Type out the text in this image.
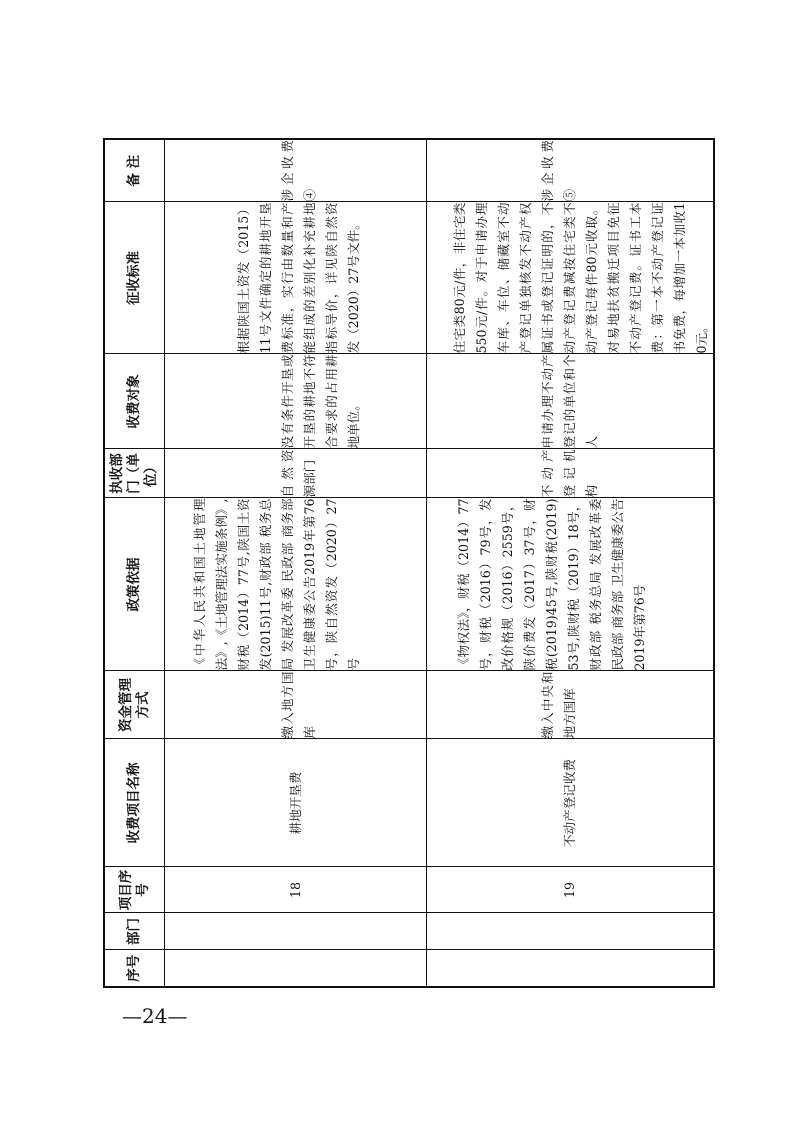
序号	部门	项目序号	收费项目名称	资金管理方式	政策依据	执收部门（单位）	收费对象	征收标准	备 注
		18	耕地开垦费	缴入地方国库	《中华人民共和国土地管理法》,《土地管理法实施条例》,财税（2014）77号,陕国土资发(2015)11号,财政部 税务总局 发展改革委 民政部 商务部 卫生健康委公告2019年第76号，陕自然资发（2020）27号	自然资源部门	没有条件开垦或开垦的耕地不符合要求的占用耕地单位。	根据陕国土资发（2015）11号文件确定的耕地开垦费标准，实行由数量和产能组成的差别化补充耕地指标导价，详见陕自然资发（2020）27号文件。	涉企收费④
		19	不动产登记收费	缴入中央和地方国库	《物权法》，财税（2014）77号，财税（2016）79号，发改价格规（2016）2559号，陕价费发（2017）37号，财税(2019)45号,陕财税(2019)53号,陕财税（2019）18号，财政部 税务总局 发展改革委 民政部 商务部 卫生健康委公告2019年第76号	不动产登记机构	申请办理不动产登记的单位和个人	住宅类80元/件，非住宅类550元/件。对于申请办理车库、车位、储藏室不动产登记单独核发不动产权属证书或登记证明的，不动产登记费减按住宅类不动产登记每件80元收取。对易地扶贫搬迁项目免征不动产登记费。证书工本费：第一本不动产登记证书免费，每增加一本加收10元。	涉企收费⑤
—24—
